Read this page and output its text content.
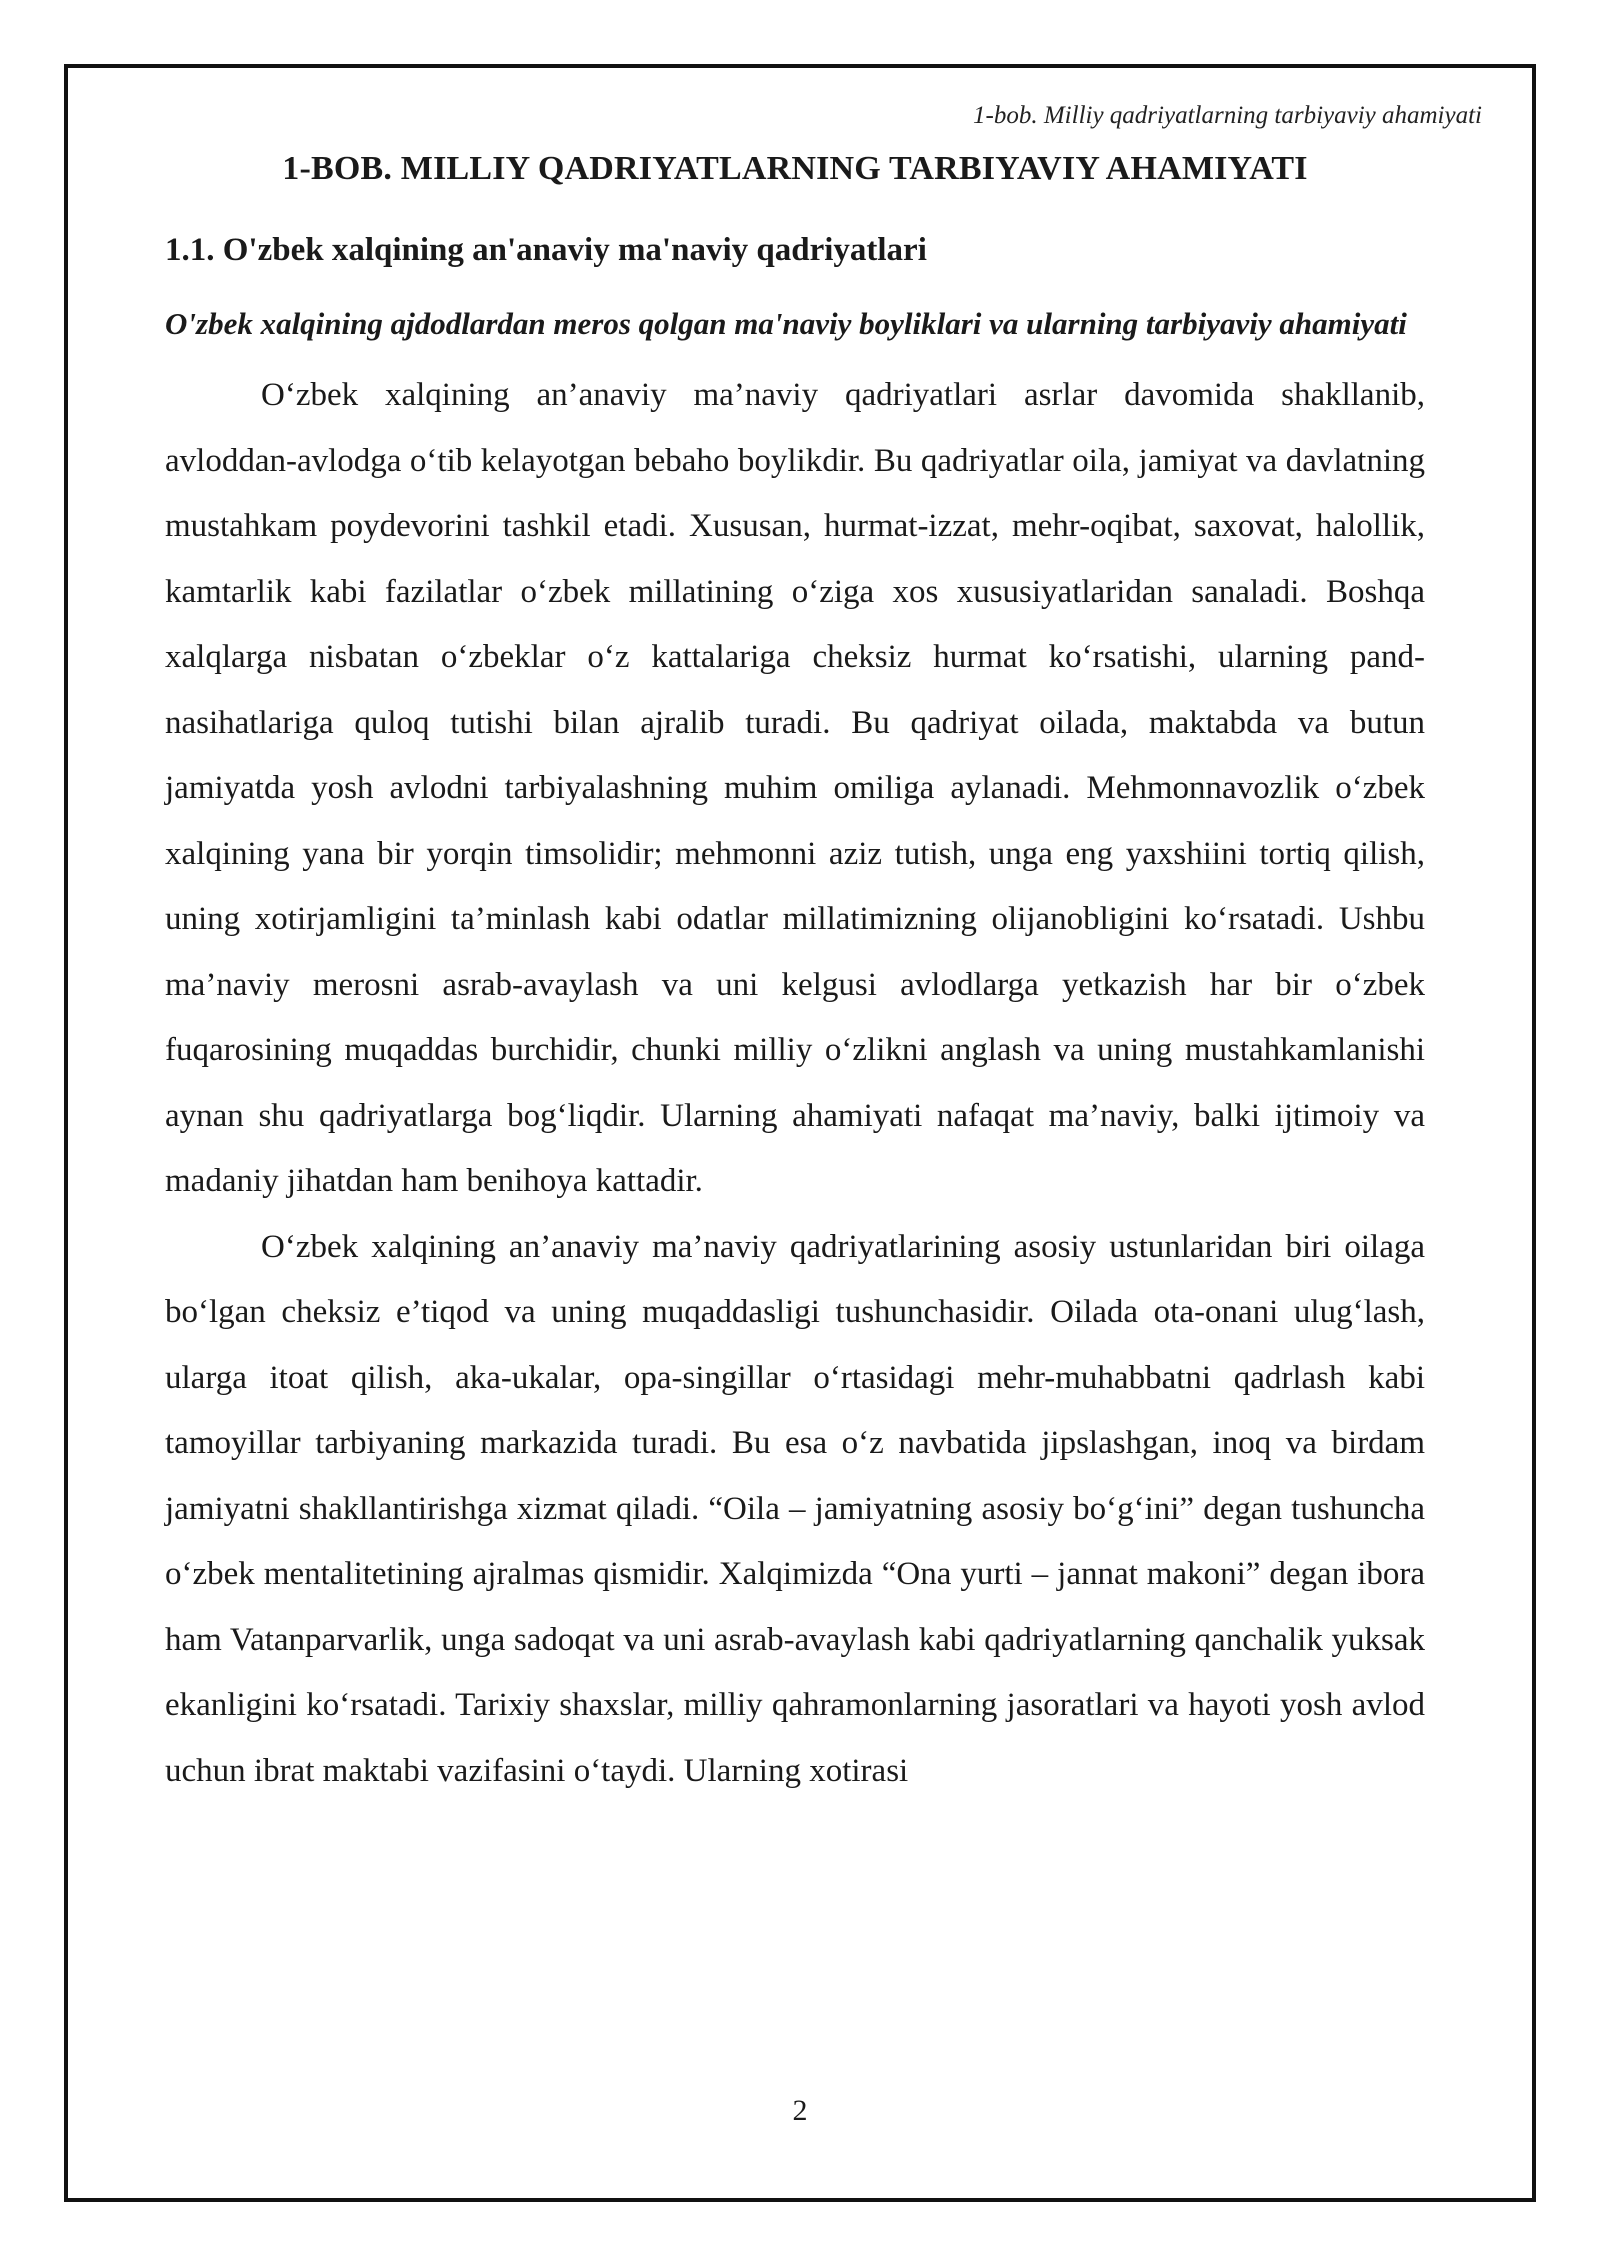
1-bob. Milliy qadriyatlarning tarbiyaviy ahamiyati
2
1-BOB. MILLIY QADRIYATLARNING TARBIYAVIY AHAMIYATI
1.1. O'zbek xalqining an'anaviy ma'naviy qadriyatlari
O'zbek xalqining ajdodlardan meros qolgan ma'naviy boyliklari va ularning tarbiyaviy ahamiyati

O‘zbek xalqining an’anaviy ma’naviy qadriyatlari asrlar davomida shakllanib, avloddan-avlodga o‘tib kelayotgan bebaho boylikdir. Bu qadriyatlar oila, jamiyat va davlatning mustahkam poydevorini tashkil etadi. Xususan, hurmat-izzat, mehr-oqibat, saxovat, halollik, kamtarlik kabi fazilatlar o‘zbek millatining o‘ziga xos xususiyatlaridan sanaladi. Boshqa xalqlarga nisbatan o‘zbeklar o‘z kattalariga cheksiz hurmat ko‘rsatishi, ularning pand-nasihatlariga quloq tutishi bilan ajralib turadi. Bu qadriyat oilada, maktabda va butun jamiyatda yosh avlodni tarbiyalashning muhim omiliga aylanadi. Mehmonnavozlik o‘zbek xalqining yana bir yorqin timsolidir; mehmonni aziz tutish, unga eng yaxshiini tortiq qilish, uning xotirjamligini ta’minlash kabi odatlar millatimizning olijanobligini ko‘rsatadi. Ushbu ma’naviy merosni asrab-avaylash va uni kelgusi avlodlarga yetkazish har bir o‘zbek fuqarosining muqaddas burchidir, chunki milliy o‘zlikni anglash va uning mustahkamlanishi aynan shu qadriyatlarga bog‘liqdir. Ularning ahamiyati nafaqat ma’naviy, balki ijtimoiy va madaniy jihatdan ham benihoya kattadir.

O‘zbek xalqining an’anaviy ma’naviy qadriyatlarining asosiy ustunlaridan biri oilaga bo‘lgan cheksiz e’tiqod va uning muqaddasligi tushunchasidir. Oilada ota-onani ulug‘lash, ularga itoat qilish, aka-ukalar, opa-singillar o‘rtasidagi mehr-muhabbatni qadrlash kabi tamoyillar tarbiyaning markazida turadi. Bu esa o‘z navbatida jipslashgan, inoq va birdam jamiyatni shakllantirishga xizmat qiladi. “Oila – jamiyatning asosiy bo‘g‘ini” degan tushuncha o‘zbek mentalitetining ajralmas qismidir. Xalqimizda “Ona yurti – jannat makoni” degan ibora ham Vatanparvarlik, unga sadoqat va uni asrab-avaylash kabi qadriyatlarning qanchalik yuksak ekanligini ko‘rsatadi. Tarixiy shaxslar, milliy qahramonlarning jasoratlari va hayoti yosh avlod uchun ibrat maktabi vazifasini o‘taydi. Ularning xotirasi
